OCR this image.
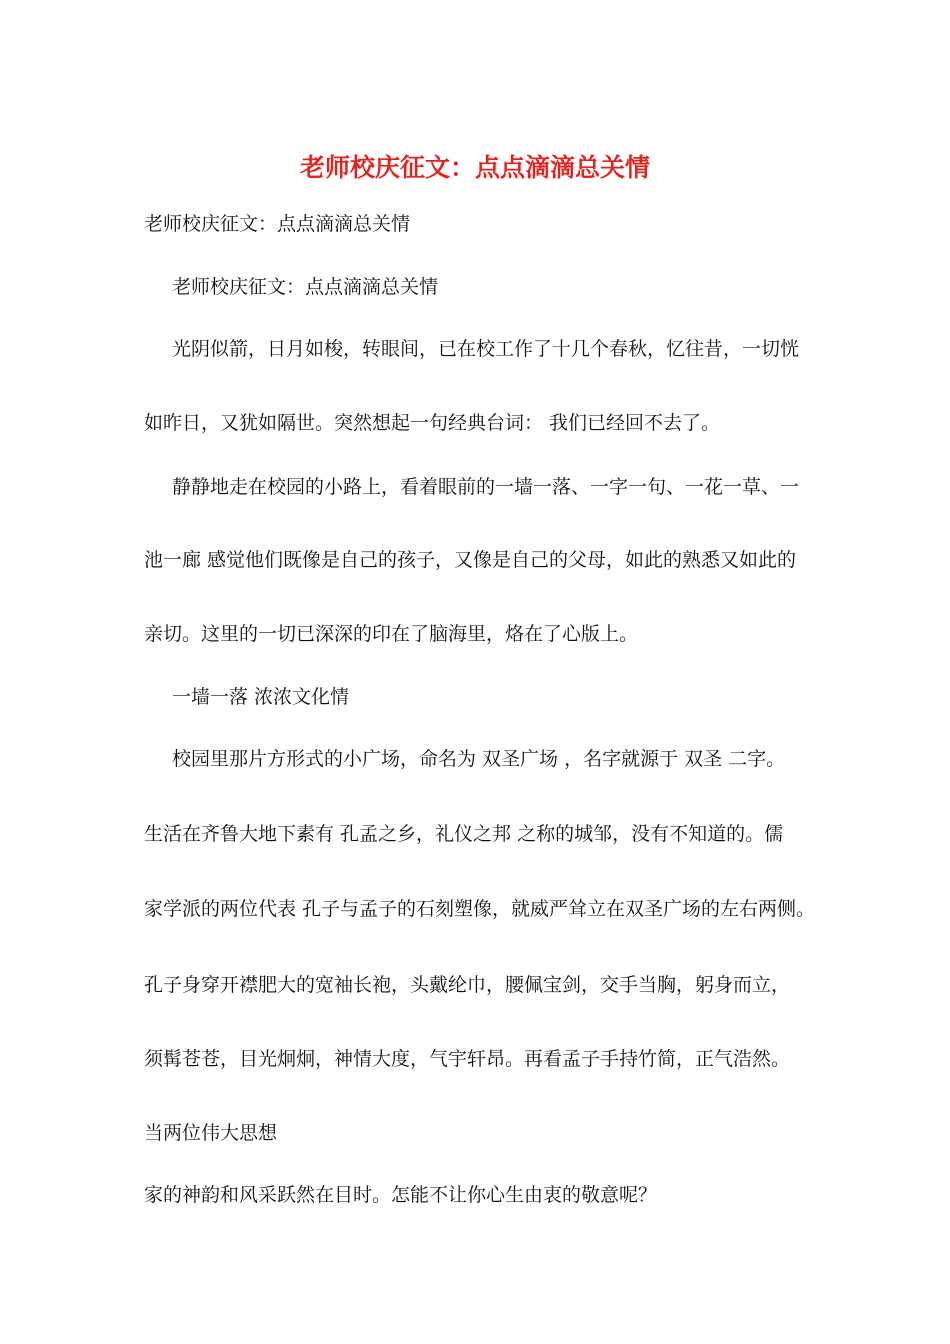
老师校庆征文：点点滴滴总关情
老师校庆征文：点点滴滴总关情
老师校庆征文：点点滴滴总关情
光阴似箭，日月如梭，转眼间，已在校工作了十几个春秋，忆往昔，一切恍
如昨日，又犹如隔世。突然想起一句经典台词： 我们已经回不去了。
静静地走在校园的小路上，看着眼前的一墙一落、一字一句、一花一草、一
池一廊 感觉他们既像是自己的孩子，又像是自己的父母，如此的熟悉又如此的
亲切。这里的一切已深深的印在了脑海里，烙在了心版上。
一墙一落 浓浓文化情
校园里那片方形式的小广场，命名为 双圣广场 ，名字就源于 双圣 二字。
生活在齐鲁大地下素有 孔孟之乡，礼仪之邦 之称的城邹，没有不知道的。儒
家学派的两位代表 孔子与孟子的石刻塑像，就威严耸立在双圣广场的左右两侧。
孔子身穿开襟肥大的宽袖长袍，头戴纶巾，腰佩宝剑，交手当胸，躬身而立，
须髯苍苍，目光炯炯，神情大度，气宇轩昂。再看孟子手持竹简，正气浩然。
当两位伟大思想
家的神韵和风采跃然在目时。怎能不让你心生由衷的敬意呢？
